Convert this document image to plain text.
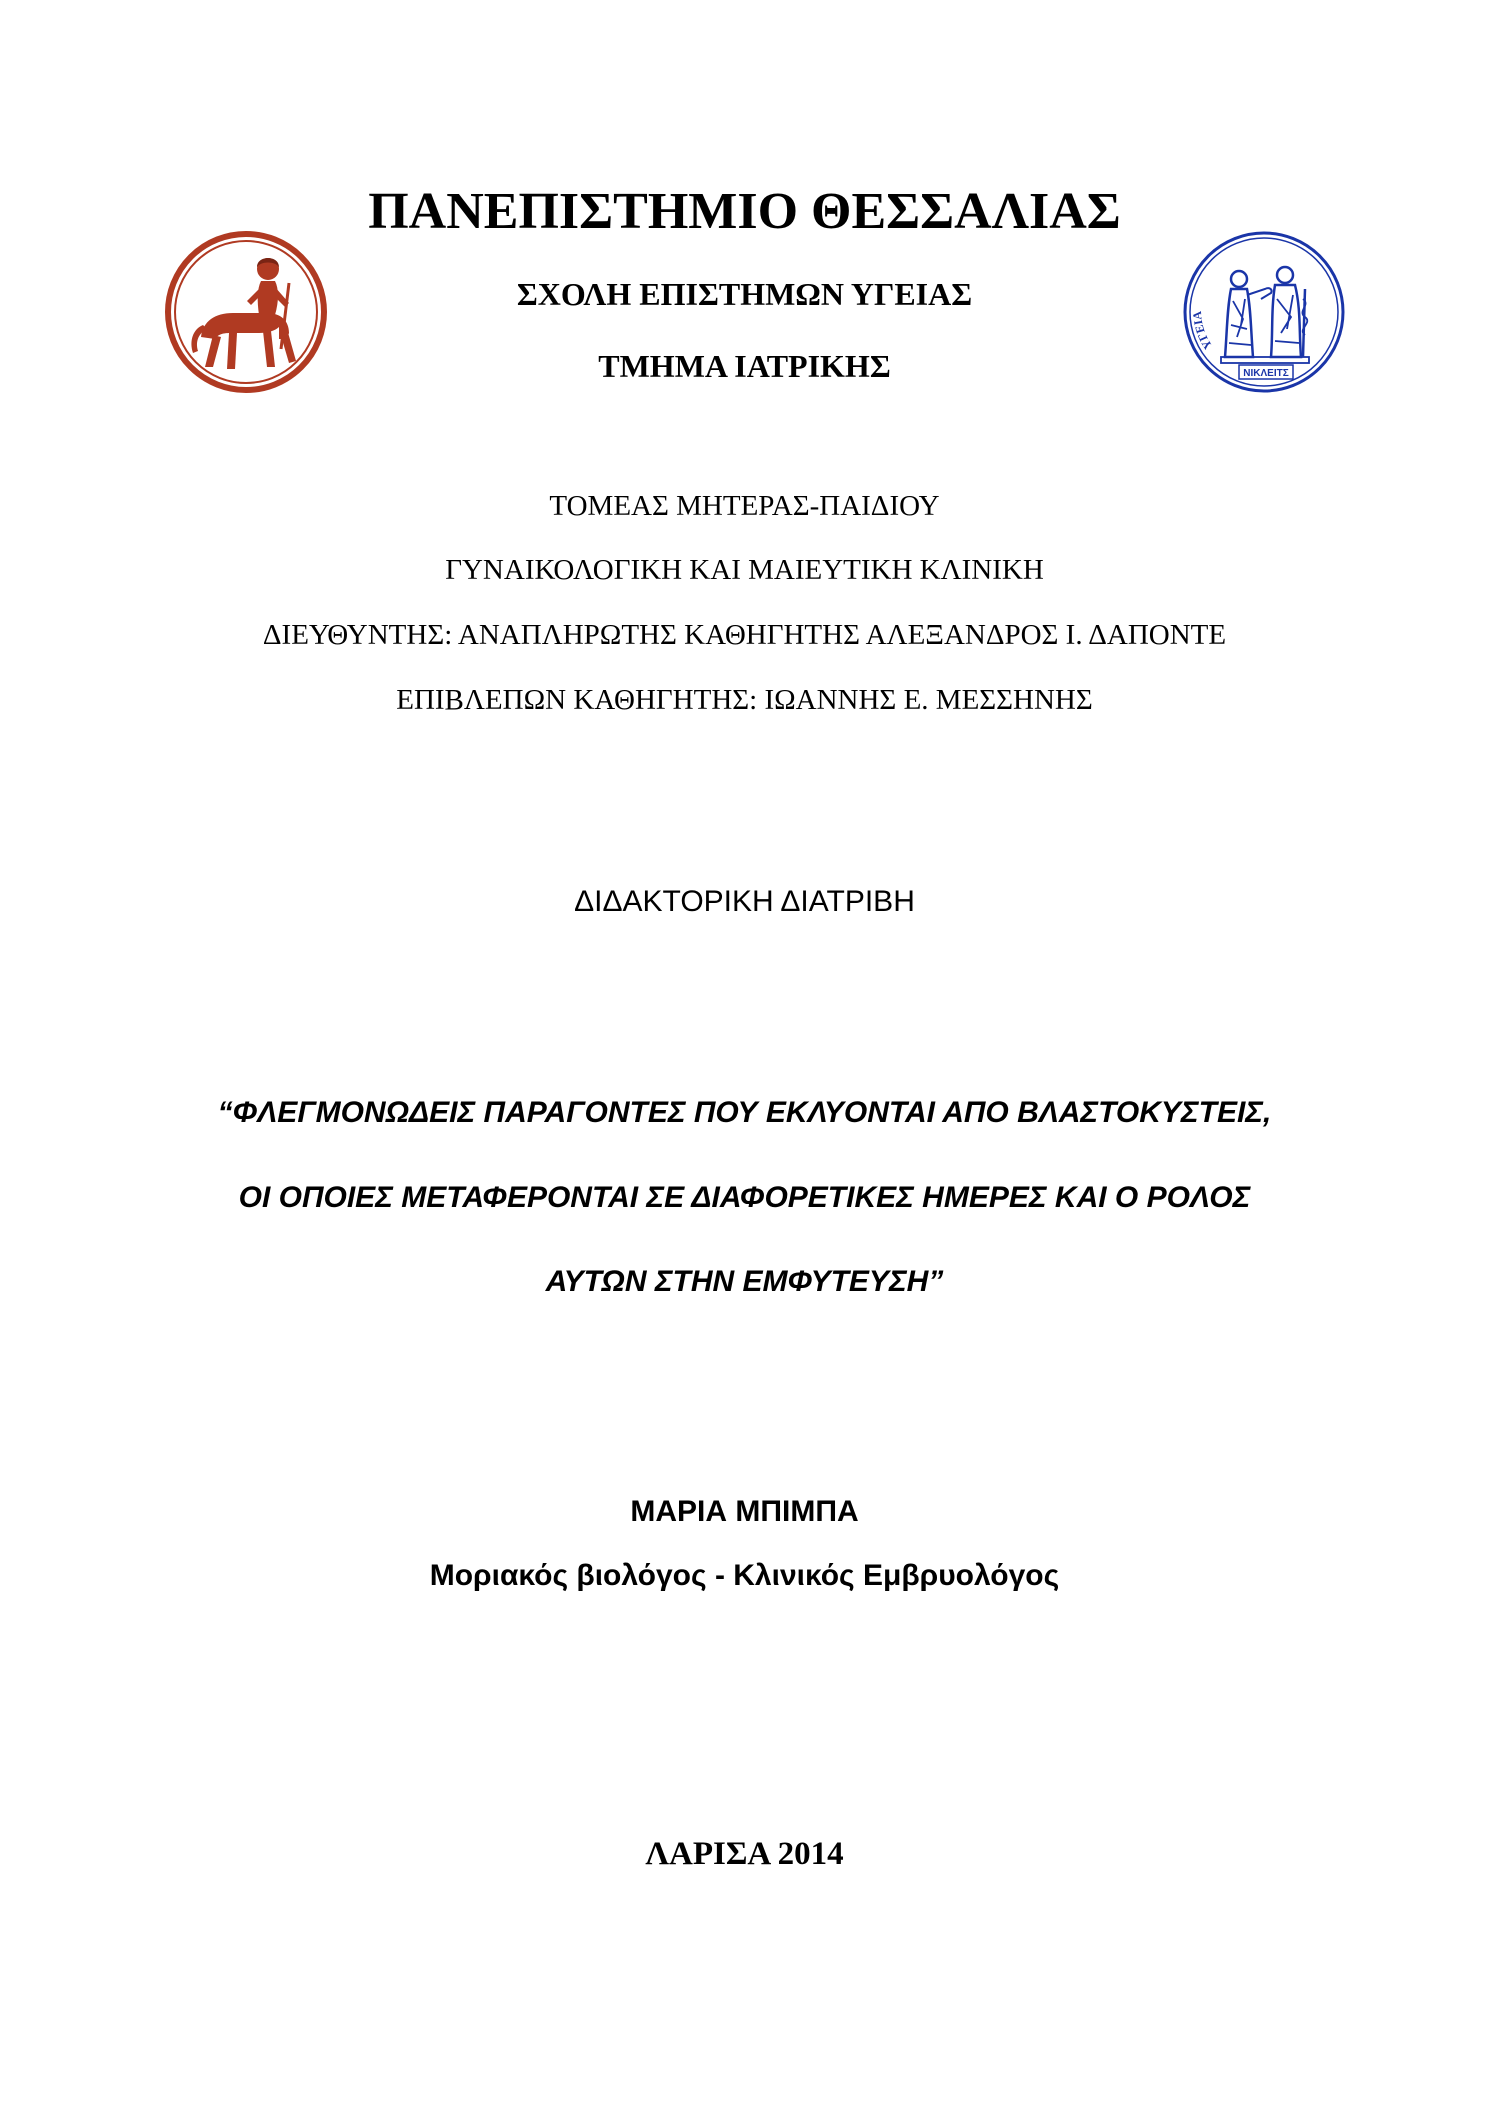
ΥΓΕΙΑ
ΝΙΚΛΕΙΤΣ
ΠΑΝΕΠΙΣΤΗΜΙΟ ΘΕΣΣΑΛΙΑΣ
ΣΧΟΛΗ ΕΠΙΣΤΗΜΩΝ ΥΓΕΙΑΣ
ΤΜΗΜΑ ΙΑΤΡΙΚΗΣ
ΤΟΜΕΑΣ ΜΗΤΕΡΑΣ-ΠΑΙΔΙΟΥ
ΓΥΝΑΙΚΟΛΟΓΙΚΗ ΚΑΙ ΜΑΙΕΥΤΙΚΗ ΚΛΙΝΙΚΗ
ΔΙΕΥΘΥΝΤΗΣ: ΑΝΑΠΛΗΡΩΤΗΣ ΚΑΘΗΓΗΤΗΣ ΑΛΕΞΑΝΔΡΟΣ Ι. ΔΑΠΟΝΤΕ
ΕΠΙΒΛΕΠΩΝ ΚΑΘΗΓΗΤΗΣ: ΙΩΑΝΝΗΣ Ε. ΜΕΣΣΗΝΗΣ
ΔΙΔΑΚΤΟΡΙΚΗ ΔΙΑΤΡΙΒΗ
“ΦΛΕΓΜΟΝΩΔΕΙΣ ΠΑΡΑΓΟΝΤΕΣ ΠΟΥ ΕΚΛΥΟΝΤΑΙ ΑΠΟ ΒΛΑΣΤΟΚΥΣΤΕΙΣ,
ΟΙ ΟΠΟΙΕΣ ΜΕΤΑΦΕΡΟΝΤΑΙ ΣΕ ΔΙΑΦΟΡΕΤΙΚΕΣ ΗΜΕΡΕΣ ΚΑΙ Ο ΡΟΛΟΣ
ΑΥΤΩΝ ΣΤΗΝ ΕΜΦΥΤΕΥΣΗ”
ΜΑΡΙΑ ΜΠΙΜΠΑ
Μοριακός βιολόγος - Κλινικός Εμβρυολόγος
ΛΑΡΙΣΑ 2014
